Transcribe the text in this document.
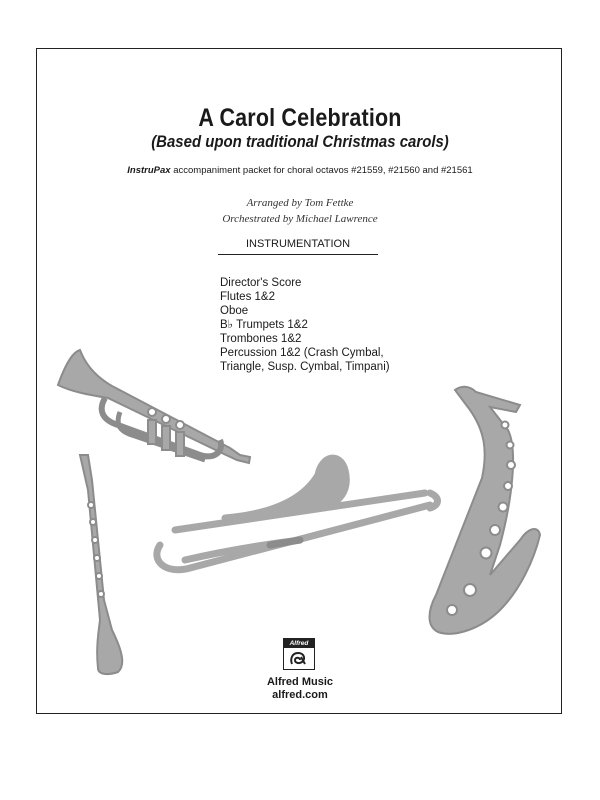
A Carol Celebration
(Based upon traditional Christmas carols)
InstruPax accompaniment packet for choral octavos #21559, #21560 and #21561
Arranged by Tom Fettke
Orchestrated by Michael Lawrence
INSTRUMENTATION
Director's Score
Flutes 1&2
Oboe
B♭ Trumpets 1&2
Trombones 1&2
Percussion 1&2 (Crash Cymbal,
Triangle, Susp. Cymbal, Timpani)
Alfred
Alfred Music
alfred.com
